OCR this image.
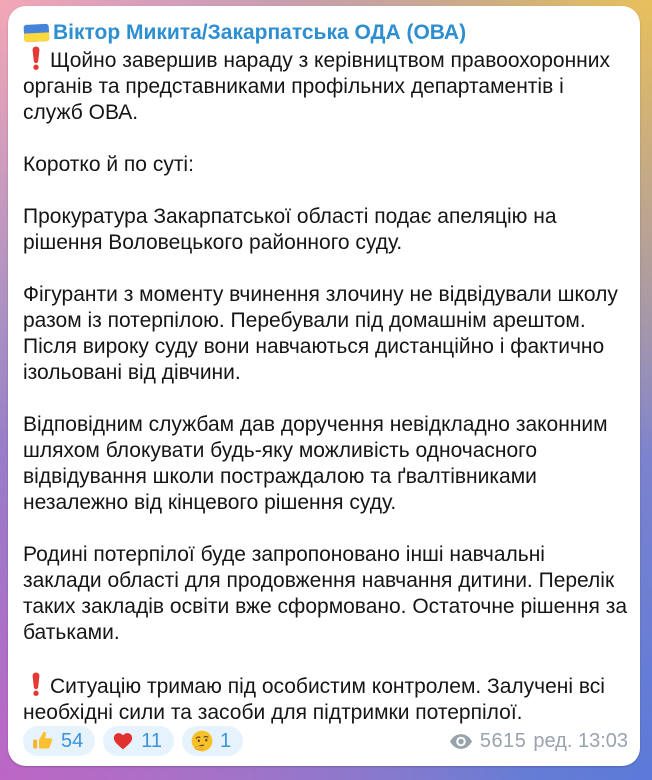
Віктор Микита/Закарпатська ОДА (ОВА)
Щойно завершив нараду з керівництвом правоохоронних органів та представниками профільних департаментів і служб ОВА.
Коротко й по суті:
Прокуратура Закарпатської області подає апеляцію на рішення Воловецького районного суду.
Фігуранти з моменту вчинення злочину не відвідували школу разом із потерпілою. Перебували під домашнім арештом. Після вироку суду вони навчаються дистанційно і фактично ізольовані від дівчини.
Відповідним службам дав доручення невідкладно законним шляхом блокувати будь-яку можливість одночасного відвідування школи постраждалою та ґвалтівниками незалежно від кінцевого рішення суду.
Родині потерпілої буде запропоновано інші навчальні заклади області для продовження навчання дитини. Перелік таких закладів освіти вже сформовано. Остаточне рішення за батьками.
Ситуацію тримаю під особистим контролем. Залучені всі необхідні сили та засоби для підтримки потерпілої.
54	11	1	5615 ред. 13:03
